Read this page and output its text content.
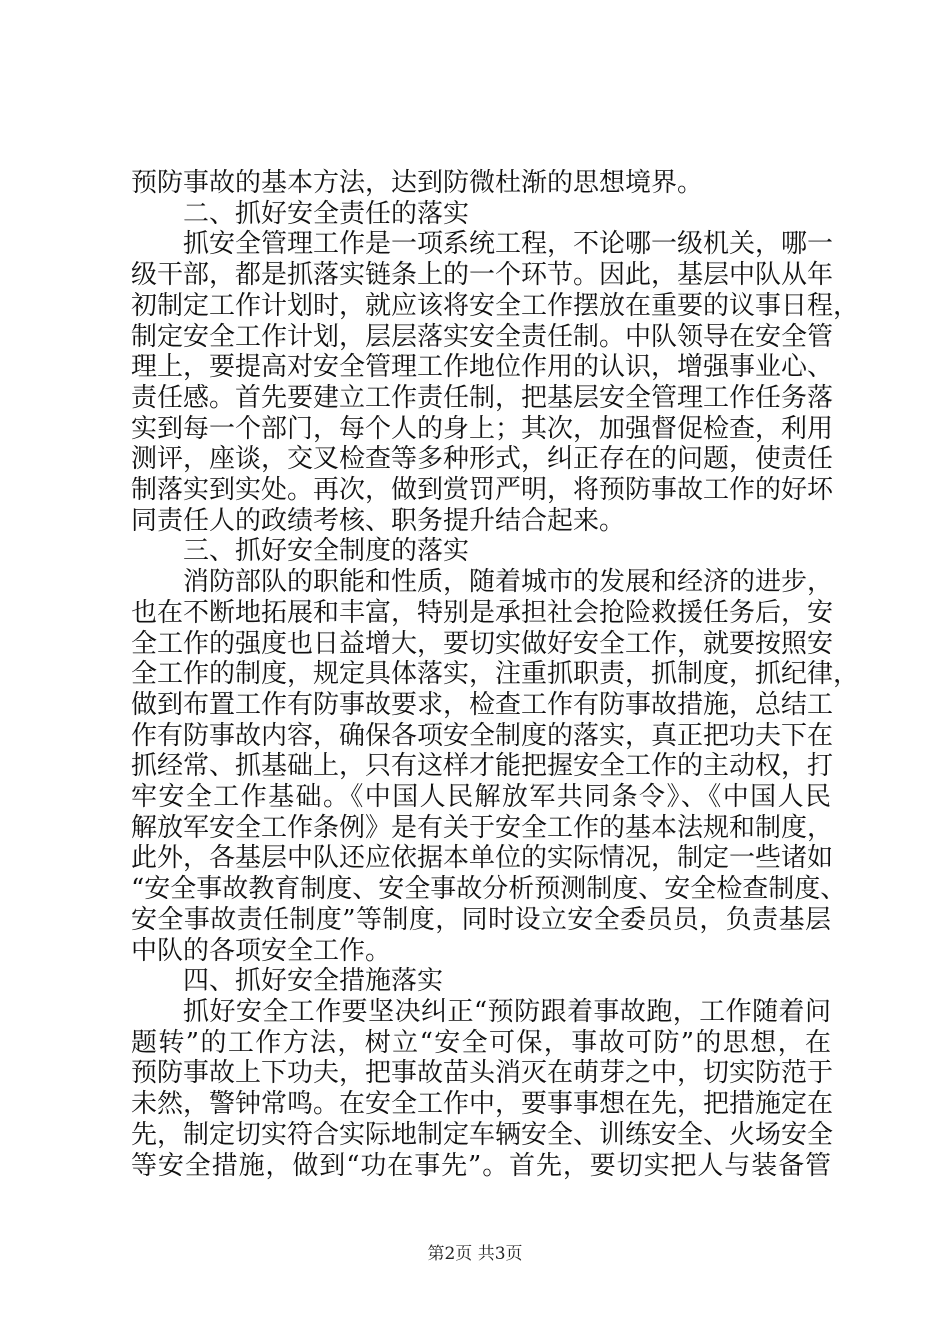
预防事故的基本方法，达到防微杜渐的思想境界。
二、抓好安全责任的落实
抓安全管理工作是一项系统工程，不论哪一级机关，哪一
级干部，都是抓落实链条上的一个环节。因此，基层中队从年
初制定工作计划时，就应该将安全工作摆放在重要的议事日程，
制定安全工作计划，层层落实安全责任制。中队领导在安全管
理上，要提高对安全管理工作地位作用的认识，增强事业心、
责任感。首先要建立工作责任制，把基层安全管理工作任务落
实到每一个部门，每个人的身上；其次，加强督促检查，利用
测评，座谈，交叉检查等多种形式，纠正存在的问题，使责任
制落实到实处。再次，做到赏罚严明，将预防事故工作的好坏
同责任人的政绩考核、职务提升结合起来。
三、抓好安全制度的落实
消防部队的职能和性质，随着城市的发展和经济的进步，
也在不断地拓展和丰富，特别是承担社会抢险救援任务后，安
全工作的强度也日益增大，要切实做好安全工作，就要按照安
全工作的制度，规定具体落实，注重抓职责，抓制度，抓纪律，
做到布置工作有防事故要求，检查工作有防事故措施，总结工
作有防事故内容，确保各项安全制度的落实，真正把功夫下在
抓经常、抓基础上，只有这样才能把握安全工作的主动权，打
牢安全工作基础。《中国人民解放军共同条令》、《中国人民
解放军安全工作条例》是有关于安全工作的基本法规和制度，
此外，各基层中队还应依据本单位的实际情况，制定一些诸如
“安全事故教育制度、安全事故分析预测制度、安全检查制度、
安全事故责任制度”等制度，同时设立安全委员员，负责基层
中队的各项安全工作。
四、抓好安全措施落实
抓好安全工作要坚决纠正“预防跟着事故跑，工作随着问
题转”的工作方法，树立“安全可保，事故可防”的思想，在
预防事故上下功夫，把事故苗头消灭在萌芽之中，切实防范于
未然，警钟常鸣。在安全工作中，要事事想在先，把措施定在
先，制定切实符合实际地制定车辆安全、训练安全、火场安全
等安全措施，做到“功在事先”。首先，要切实把人与装备管
第2页 共3页
